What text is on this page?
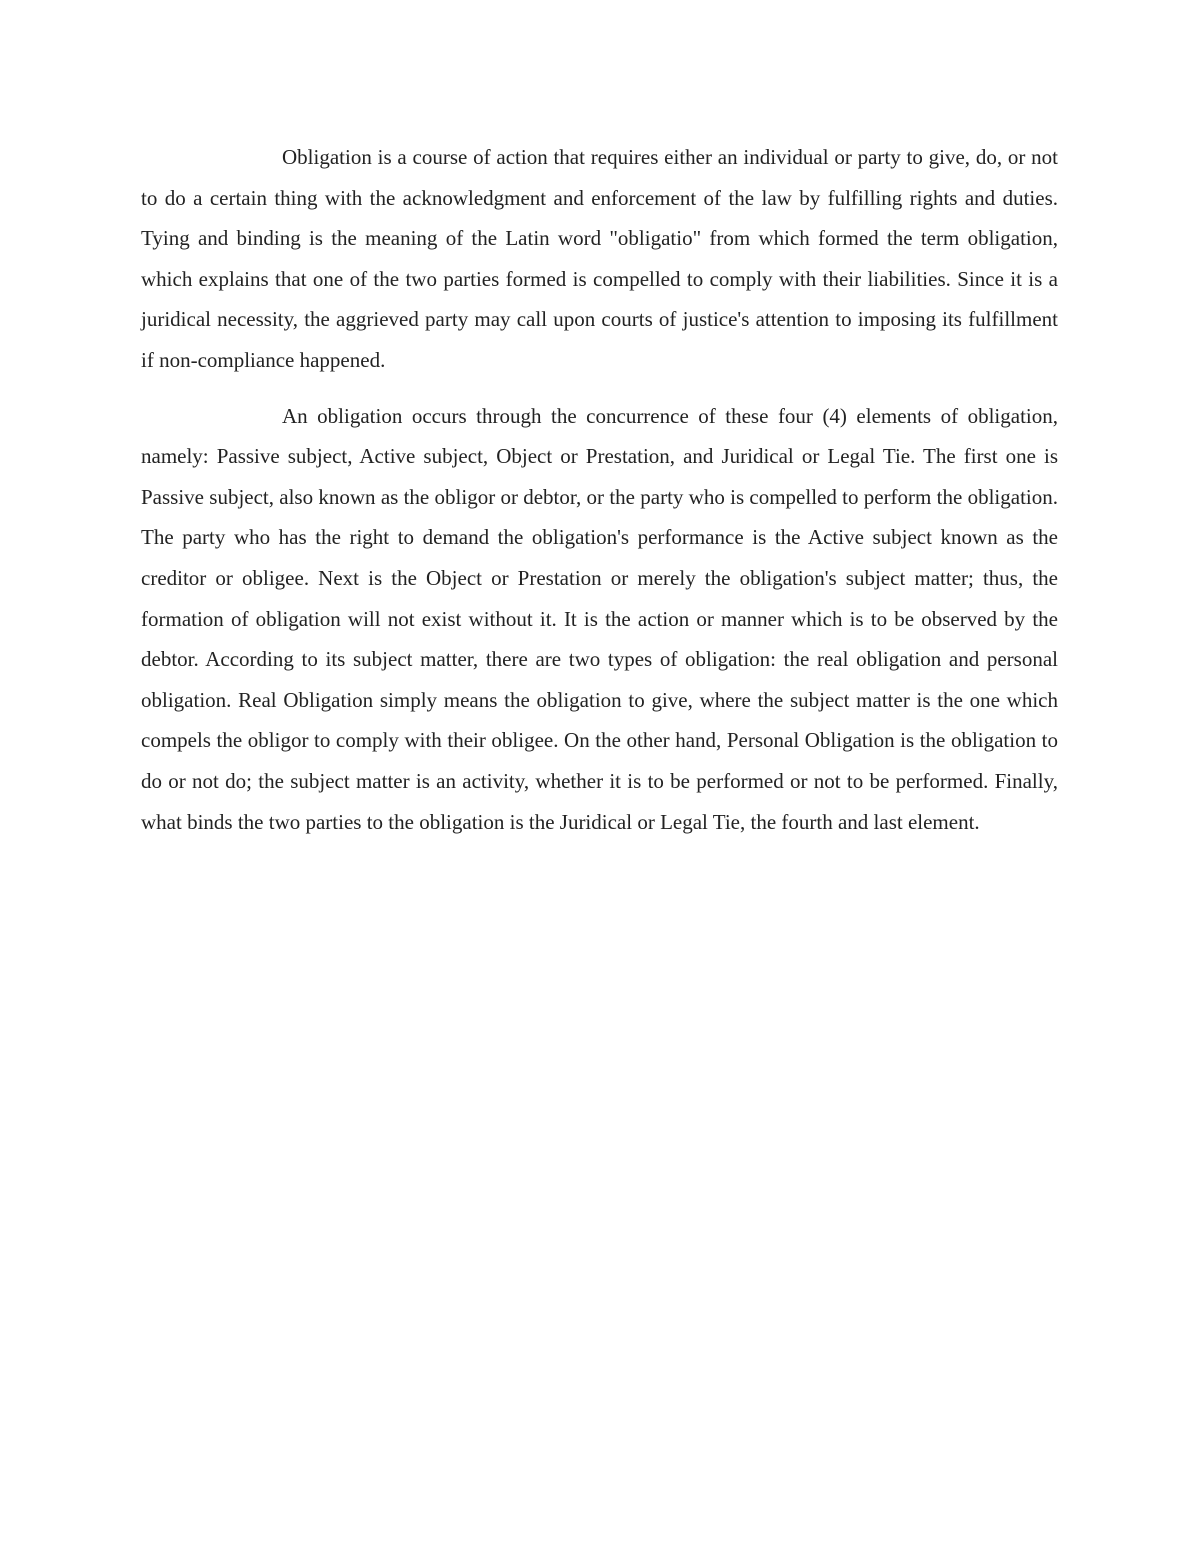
Obligation is a course of action that requires either an individual or party to give, do, or not to do a certain thing with the acknowledgment and enforcement of the law by fulfilling rights and duties. Tying and binding is the meaning of the Latin word "obligatio" from which formed the term obligation, which explains that one of the two parties formed is compelled to comply with their liabilities. Since it is a juridical necessity, the aggrieved party may call upon courts of justice's attention to imposing its fulfillment if non-compliance happened.

An obligation occurs through the concurrence of these four (4) elements of obligation, namely: Passive subject, Active subject, Object or Prestation, and Juridical or Legal Tie. The first one is Passive subject, also known as the obligor or debtor, or the party who is compelled to perform the obligation. The party who has the right to demand the obligation's performance is the Active subject known as the creditor or obligee. Next is the Object or Prestation or merely the obligation's subject matter; thus, the formation of obligation will not exist without it. It is the action or manner which is to be observed by the debtor. According to its subject matter, there are two types of obligation: the real obligation and personal obligation. Real Obligation simply means the obligation to give, where the subject matter is the one which compels the obligor to comply with their obligee. On the other hand, Personal Obligation is the obligation to do or not do; the subject matter is an activity, whether it is to be performed or not to be performed. Finally, what binds the two parties to the obligation is the Juridical or Legal Tie, the fourth and last element.
